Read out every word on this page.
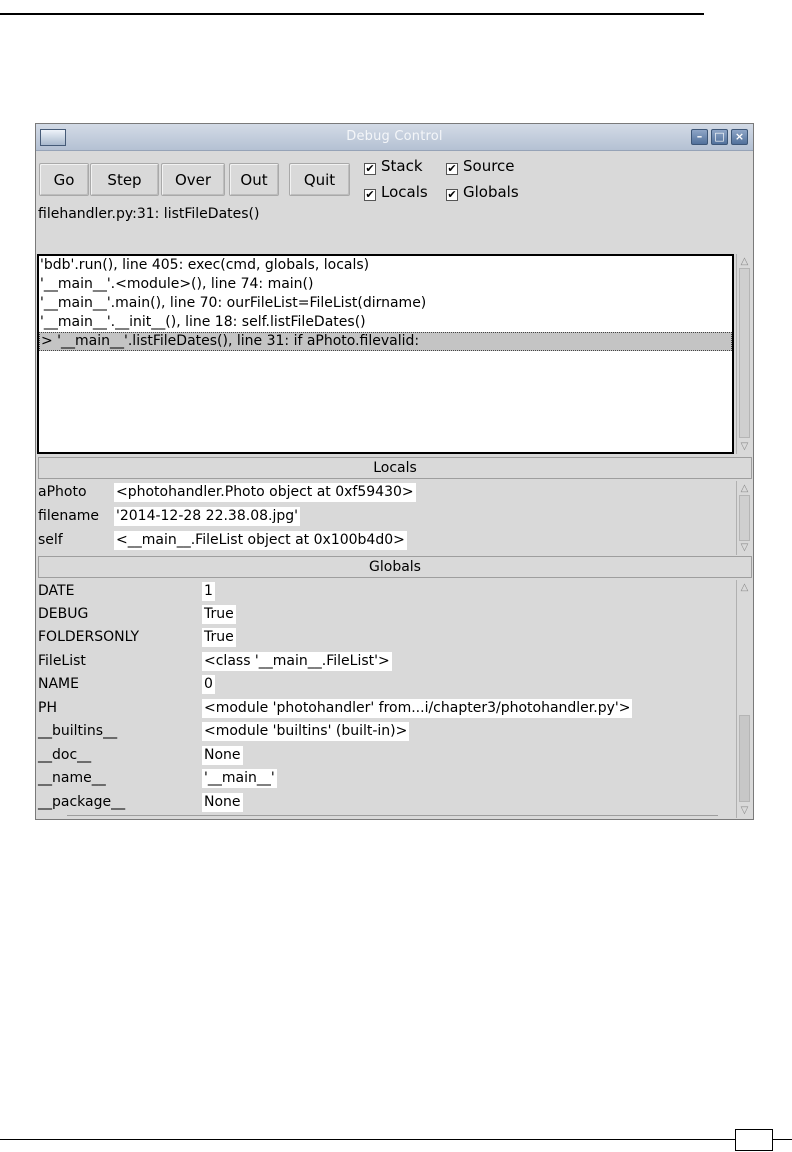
Debug Control	–	□ ×
Go	Step	Over	Out	Quit
✔ Stack ✔ Source
✔ Locals ✔ Globals
filehandler.py:31: listFileDates()
'bdb'.run(), line 405: exec(cmd, globals, locals)
'__main__'.<module>(), line 74: main()
'__main__'.main(), line 70: ourFileList=FileList(dirname)
'__main__'.__init__(), line 18: self.listFileDates()
> '__main__'.listFileDates(), line 31: if aPhoto.filevalid:
△
▽
Locals
aPhoto <photohandler.Photo object at 0xf59430>
filename '2014-12-28 22.38.08.jpg'
self	<__main__.FileList object at 0x100b4d0>
△
▽
Globals
DATE	1
DEBUG	True
FOLDERSONLY	True
FileList	<class '__main__.FileList'>
NAME	0
PH	<module 'photohandler' from...i/chapter3/photohandler.py'>
__builtins__	<module 'builtins' (built-in)>
__doc__	None
__name__	'__main__'
__package__	None
△
▽
